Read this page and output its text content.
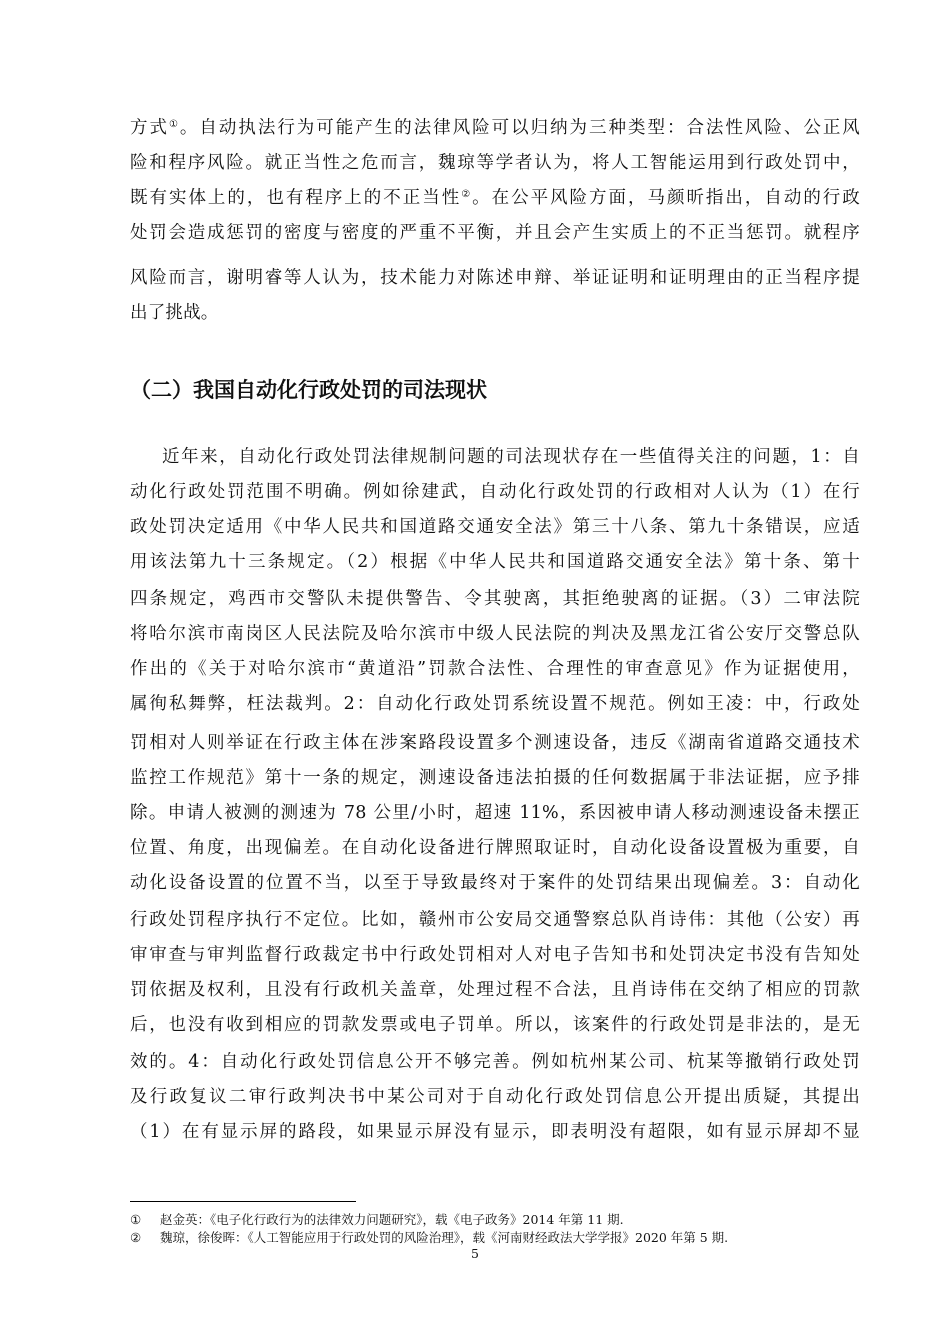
方式①。自动执法行为可能产生的法律风险可以归纳为三种类型：合法性风险、公正风
险和程序风险。就正当性之危而言，魏琼等学者认为，将人工智能运用到行政处罚中，
既有实体上的，也有程序上的不正当性②。在公平风险方面，马颜昕指出，自动的行政
处罚会造成惩罚的密度与密度的严重不平衡，并且会产生实质上的不正当惩罚。就程序
风险而言，谢明睿等人认为，技术能力对陈述申辩、举证证明和证明理由的正当程序提
出了挑战。
（二）我国自动化行政处罚的司法现状
近年来，自动化行政处罚法律规制问题的司法现状存在一些值得关注的问题，1：自
动化行政处罚范围不明确。例如徐建武，自动化行政处罚的行政相对人认为（1）在行
政处罚决定适用《中华人民共和国道路交通安全法》第三十八条、第九十条错误，应适
用该法第九十三条规定。（2）根据《中华人民共和国道路交通安全法》第十条、第十
四条规定，鸡西市交警队未提供警告、令其驶离，其拒绝驶离的证据。（3）二审法院
将哈尔滨市南岗区人民法院及哈尔滨市中级人民法院的判决及黑龙江省公安厅交警总队
作出的《关于对哈尔滨市“黄道沿”罚款合法性、合理性的审查意见》作为证据使用，
属徇私舞弊，枉法裁判。2：自动化行政处罚系统设置不规范。例如王凌：中，行政处
罚相对人则举证在行政主体在涉案路段设置多个测速设备，违反《湖南省道路交通技术
监控工作规范》第十一条的规定，测速设备违法拍摄的任何数据属于非法证据，应予排
除。申请人被测的测速为 78 公里/小时，超速 11%，系因被申请人移动测速设备未摆正
位置、角度，出现偏差。在自动化设备进行牌照取证时，自动化设备设置极为重要，自
动化设备设置的位置不当，以至于导致最终对于案件的处罚结果出现偏差。3：自动化
行政处罚程序执行不定位。比如，赣州市公安局交通警察总队肖诗伟：其他（公安）再
审审查与审判监督行政裁定书中行政处罚相对人对电子告知书和处罚决定书没有告知处
罚依据及权利，且没有行政机关盖章，处理过程不合法，且肖诗伟在交纳了相应的罚款
后，也没有收到相应的罚款发票或电子罚单。所以，该案件的行政处罚是非法的，是无
效的。4：自动化行政处罚信息公开不够完善。例如杭州某公司、杭某等撤销行政处罚
及行政复议二审行政判决书中某公司对于自动化行政处罚信息公开提出质疑，其提出
（1）在有显示屏的路段，如果显示屏没有显示，即表明没有超限，如有显示屏却不显
① 赵金英：《电子化行政行为的法律效力问题研究》，载《电子政务》2014 年第 11 期.
② 魏琼，徐俊晖：《人工智能应用于行政处罚的风险治理》，载《河南财经政法大学学报》2020 年第 5 期.
5
